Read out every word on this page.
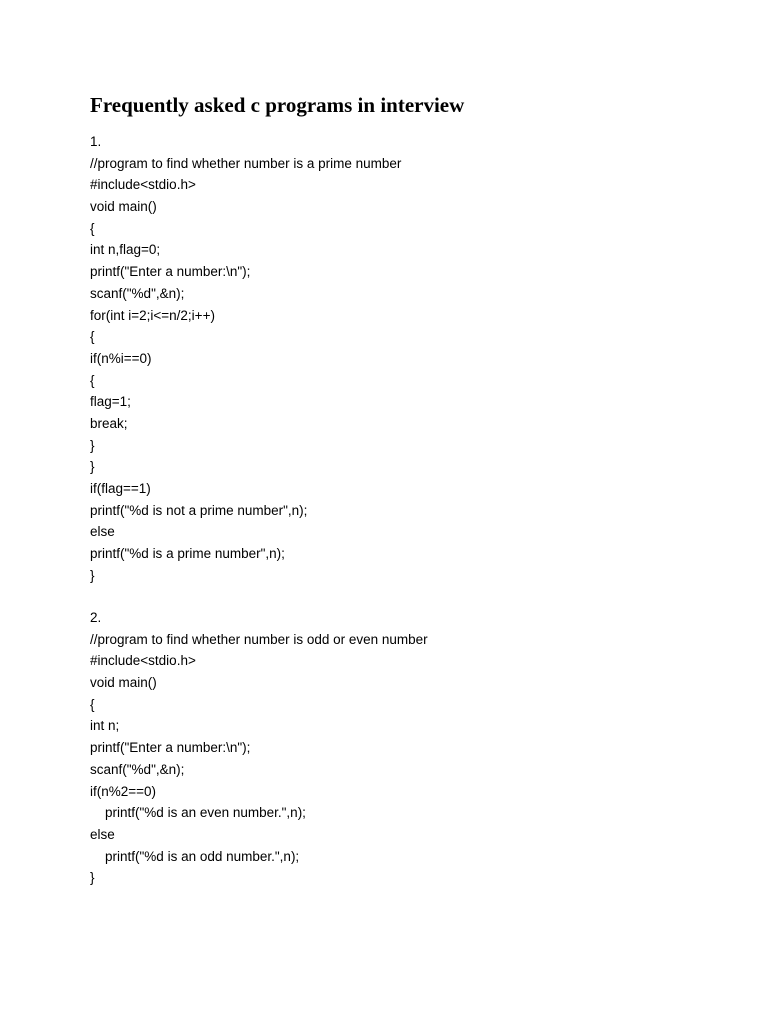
Frequently asked c programs in interview
1.
//program to find whether number is a prime number
#include<stdio.h>
void main()
{
int n,flag=0;
printf("Enter a number:\n");
scanf("%d",&n);
for(int i=2;i<=n/2;i++)
{
if(n%i==0)
{
flag=1;
break;
}
}
if(flag==1)
printf("%d is not a prime number",n);
else
printf("%d is a prime number",n);
}
2.
//program to find whether number is odd or even number
#include<stdio.h>
void main()
{
int n;
printf("Enter a number:\n");
scanf("%d",&n);
if(n%2==0)
printf("%d is an even number.",n);
else
printf("%d is an odd number.",n);
}
